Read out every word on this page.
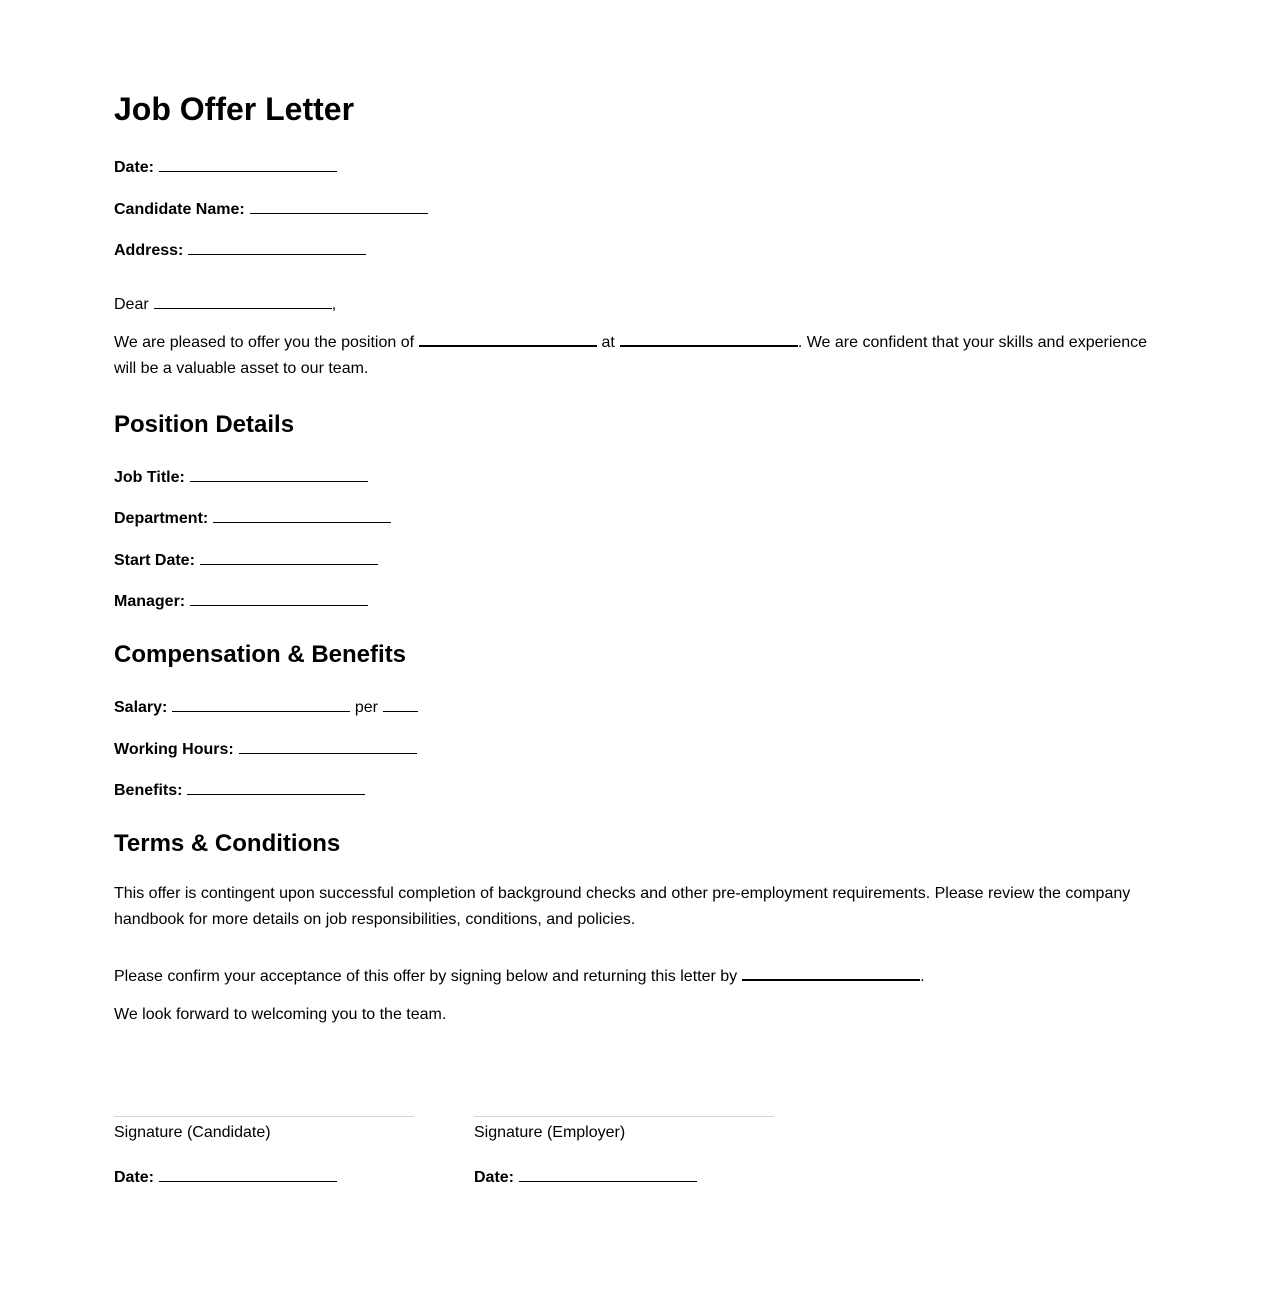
Job Offer Letter
Date:
Candidate Name:
Address:
Dear	,
We are pleased to offer you the position of	at	. We are confident that your skills and experience will be a valuable asset to our team.
Position Details
Job Title:
Department:
Start Date:
Manager:
Compensation & Benefits
Salary:	per
Working Hours:
Benefits:
Terms & Conditions
This offer is contingent upon successful completion of background checks and other pre-employment requirements. Please review the company handbook for more details on job responsibilities, conditions, and policies.
Please confirm your acceptance of this offer by signing below and returning this letter by	.
We look forward to welcoming you to the team.
Signature (Candidate)	Signature (Employer)
Date:	Date:
